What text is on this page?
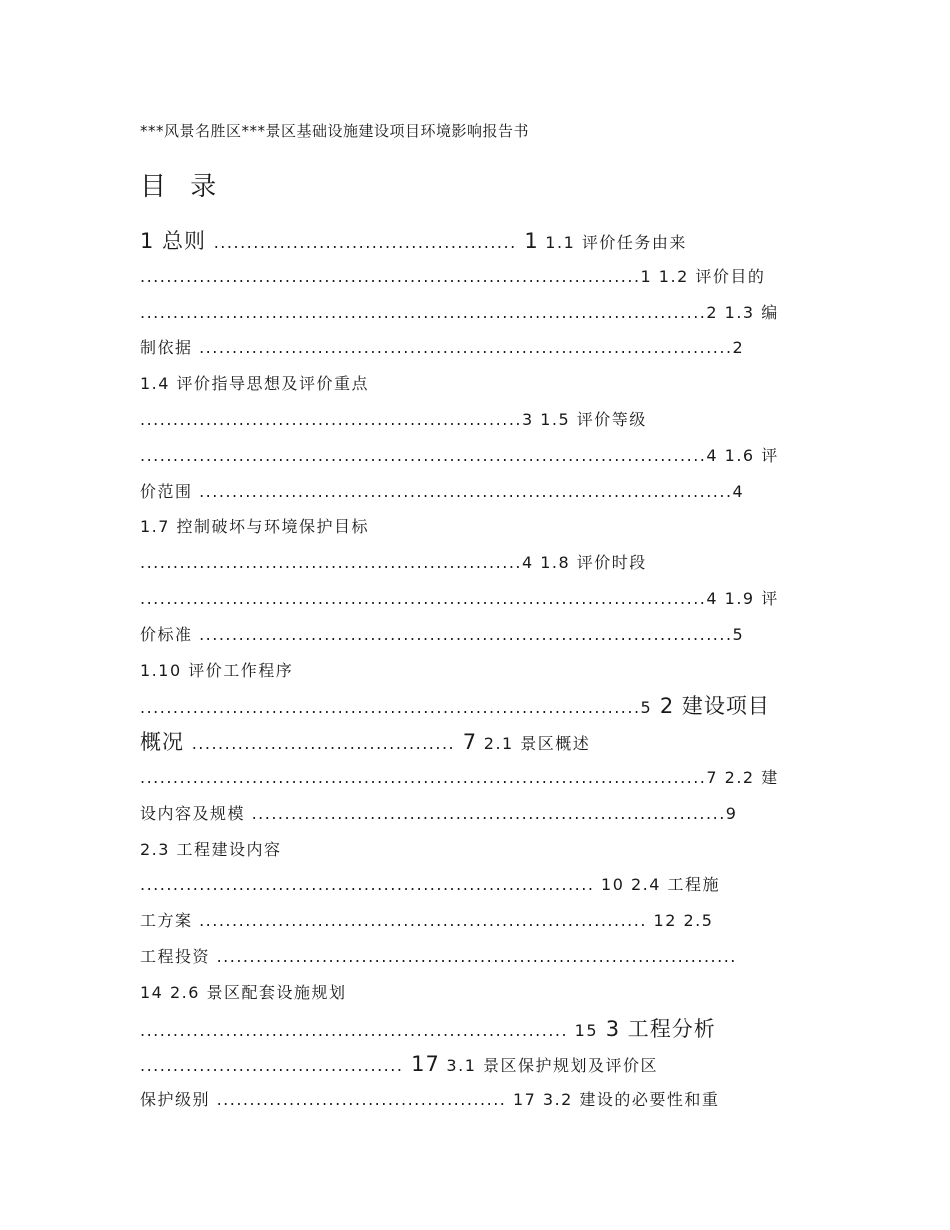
***风景名胜区***景区基础设施建设项目环境影响报告书
目 录
1 总则 .............................................. 1 1.1 评价任务由来
............................................................................1 1.2 评价目的
......................................................................................2 1.3 编
制依据 .................................................................................2
1.4 评价指导思想及评价重点
..........................................................3 1.5 评价等级
......................................................................................4 1.6 评
价范围 .................................................................................4
1.7 控制破坏与环境保护目标
..........................................................4 1.8 评价时段
......................................................................................4 1.9 评
价标准 .................................................................................5
1.10 评价工作程序
............................................................................5 2 建设项目
概况 ........................................ 7 2.1 景区概述
......................................................................................7 2.2 建
设内容及规模 ........................................................................9
2.3 工程建设内容
..................................................................... 10 2.4 工程施
工方案 .................................................................... 12 2.5
工程投资 ...............................................................................
14 2.6 景区配套设施规划
................................................................. 15 3 工程分析
........................................ 17 3.1 景区保护规划及评价区
保护级别 ............................................ 17 3.2 建设的必要性和重
